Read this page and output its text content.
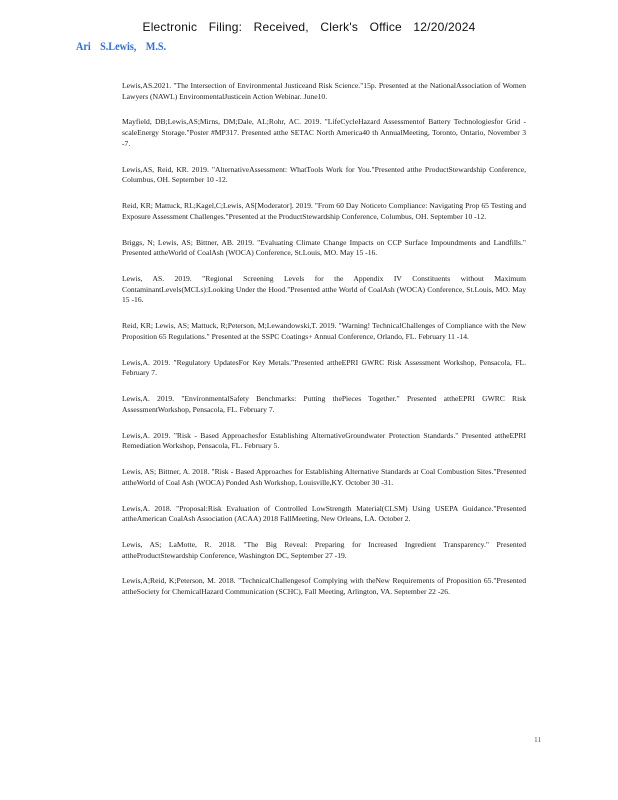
Electronic Filing: Received, Clerk's Office 12/20/2024
Ari S.Lewis, M.S.

Lewis,AS.2021. "The Intersection of Environmental Justiceand Risk Science."15p. Presented at the NationalAssociation of Women Lawyers (NAWL) EnvironmentalJusticein Action Webinar. June10.

Mayfield, DB;Lewis,AS;Mirns, DM;Dale, AL;Rohr, AC. 2019. "LifeCycleHazard Assessmentof Battery Technologiesfor Grid -scaleEnergy Storage."Poster #MP317. Presented atthe SETAC North America40 th AnnualMeeting, Toronto, Ontario, November 3 -7.

Lewis,AS, Reid, KR. 2019. "AlternativeAssessment: WhatTools Work for You."Presented atthe ProductStewardship Conference, Columbus, OH. September 10 -12.

Reid, KR; Mattuck, RL;Kagel,C;Lewis, AS[Moderator]. 2019. "From 60 Day Noticeto Compliance: Navigating Prop 65 Testing and Exposure Assessment Challenges."Presented at the ProductStewardship Conference, Columbus, OH. September 10 -12.

Briggs, N; Lewis, AS; Bittner, AB. 2019. "Evaluating Climate Change Impacts on CCP Surface Impoundments and Landfills." Presented attheWorld of CoalAsh (WOCA) Conference, St.Louis, MO. May 15 -16.

Lewis, AS. 2019. "Regional Screening Levels for the Appendix IV Constituents without Maximum ContaminantLevels(MCLs):Looking Under the Hood."Presented atthe World of CoalAsh (WOCA) Conference, St.Louis, MO. May 15 -16.

Reid, KR; Lewis, AS; Mattuck, R;Peterson, M;Lewandowski,T. 2019. "Warning! TechnicalChallenges of Compliance with the New Proposition 65 Regulations." Presented at the SSPC Coatings+ Annual Conference, Orlando, FL. February 11 -14.

Lewis,A. 2019. "Regulatory UpdatesFor Key Metals."Presented attheEPRI GWRC Risk Assessment Workshop, Pensacola, FL. February 7.

Lewis,A. 2019. "EnvironmentalSafety Benchmarks: Putting thePieces Together." Presented attheEPRI GWRC Risk AssessmentWorkshop, Pensacola, FL. February 7.

Lewis,A. 2019. "Risk - Based Approachesfor Establishing AlternativeGroundwater Protection Standards." Presented attheEPRI Remediation Workshop, Pensacola, FL. February 5.

Lewis, AS; Bittner, A. 2018. "Risk - Based Approaches for Establishing Alternative Standards at Coal Combustion Sites."Presented attheWorld of Coal Ash (WOCA) Ponded Ash Workshop, Louisville,KY. October 30 -31.

Lewis,A. 2018. "Proposal:Risk Evaluation of Controlled LowStrength Material(CLSM) Using USEPA Guidance."Presented attheAmerican CoalAsh Association (ACAA) 2018 FallMeeting, New Orleans, LA. October 2.

Lewis, AS; LaMotte, R. 2018. "The Big Reveal: Preparing for Increased Ingredient Transparency." Presented attheProductStewardship Conference, Washington DC, September 27 -19.

Lewis,A;Reid, K;Peterson, M. 2018. "TechnicalChallengesof Complying with theNew Requirements of Proposition 65."Presented attheSociety for ChemicalHazard Communication (SCHC), Fall Meeting, Arlington, VA. September 22 -26.

11
